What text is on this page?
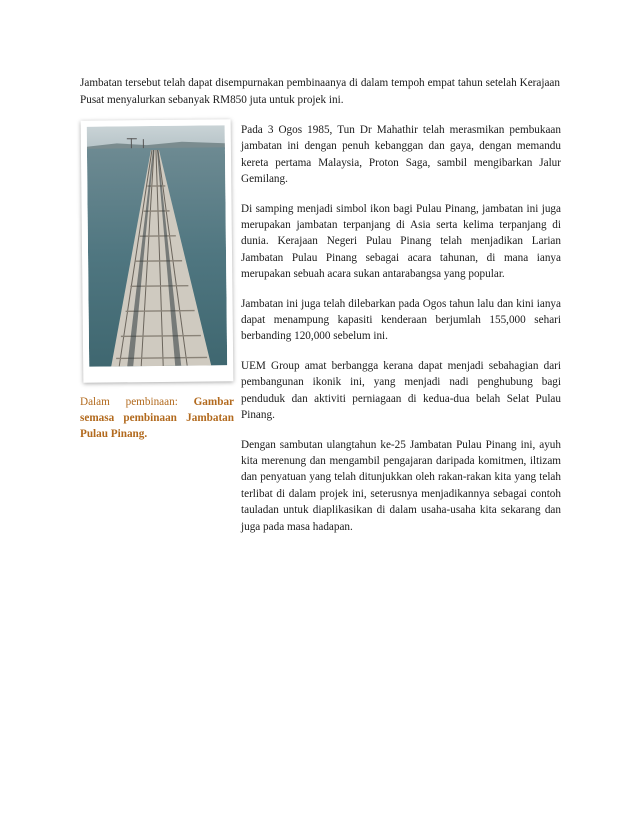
Jambatan tersebut telah dapat disempurnakan pembinaanya di dalam tempoh empat tahun setelah Kerajaan Pusat menyalurkan sebanyak RM850 juta untuk projek ini.

Dalam pembinaan: Gambar semasa pembinaan Jambatan Pulau Pinang.

Pada 3 Ogos 1985, Tun Dr Mahathir telah merasmikan pembukaan jambatan ini dengan penuh kebanggan dan gaya, dengan memandu kereta pertama Malaysia, Proton Saga, sambil mengibarkan Jalur Gemilang.

Di samping menjadi simbol ikon bagi Pulau Pinang, jambatan ini juga merupakan jambatan terpanjang di Asia serta kelima terpanjang di dunia. Kerajaan Negeri Pulau Pinang telah menjadikan Larian Jambatan Pulau Pinang sebagai acara tahunan, di mana ianya merupakan sebuah acara sukan antarabangsa yang popular.

Jambatan ini juga telah dilebarkan pada Ogos tahun lalu dan kini ianya dapat menampung kapasiti kenderaan berjumlah 155,000 sehari berbanding 120,000 sebelum ini.

UEM Group amat berbangga kerana dapat menjadi sebahagian dari pembangunan ikonik ini, yang menjadi nadi penghubung bagi penduduk dan aktiviti perniagaan di kedua-dua belah Selat Pulau Pinang.

Dengan sambutan ulangtahun ke-25 Jambatan Pulau Pinang ini, ayuh kita merenung dan mengambil pengajaran daripada komitmen, iltizam dan penyatuan yang telah ditunjukkan oleh rakan-rakan kita yang telah terlibat di dalam projek ini, seterusnya menjadikannya sebagai contoh tauladan untuk diaplikasikan di dalam usaha-usaha kita sekarang dan juga pada masa hadapan.
